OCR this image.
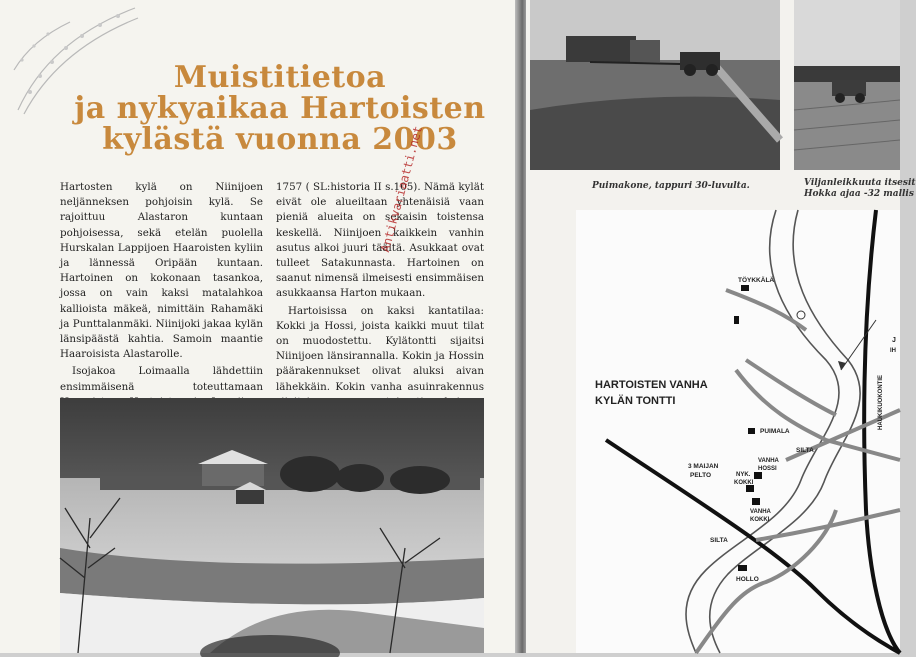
Muistitietoa
ja nykyaikaa Hartoisten
kylästä vuonna 2003

Hartosten kylä on Niinijoen neljänneksen pohjoisin kylä. Se rajoittuu Alastaron kuntaan pohjoisessa, sekä etelän puolella Hurskalan Lappijoen Haaroisten kyliin ja lännessä Oripään kuntaan. Hartoinen on kokonaan tasankoa, jossa on vain kaksi matalahkoa kallioista mäkeä, nimittäin Rahamäki ja Punttalanmäki. Niinijoki jakaa kylän länsipäästä kahtia. Samoin maantie Haaroisista Alastarolle.

Isojakoa Loimaalla lähdettiin ensimmäisenä toteuttamaan

1757 ( SL:historia II s.105). Nämä kylät eivät ole alueiltaan yhtenäisiä vaan pieniä alueita on sekaisin toistensa keskellä. Niinijoen kaikkein vanhin asutus alkoi juuri täältä. Asukkaat ovat tulleet Satakunnasta. Hartoinen on saanut nimensä ilmeisesti ensimmäisen asukkaansa Harton mukaan.

Hartoisissa on kaksi kantatilaa: Kokki ja Hossi, joista kaikki muut tilat on muodostettu. Kylätontti sijaitsi Niinijoen länsirannalla. Kokin ja Hossin päärakennukset olivat aluksi aivan lähekkäin. Kokin vanha asuinrakennus

Antikvariaatti.net	Puimakone, tappuri 30-luvulta.	Viljanleikkuuta itsesit
Hokka ajaa -32 mallis
HARTOISTEN VANHA
KYLÄN TONTTI
TÖYKKÄLÄ
PUIMALA
SILTA
SILTA
3 MAIJAN
PELTO
VANHA
HOSSI
NYK.
KOKKI
VANHA
KOKKI
HOLLO
J
IH
HAUKIKUOKONTIE
